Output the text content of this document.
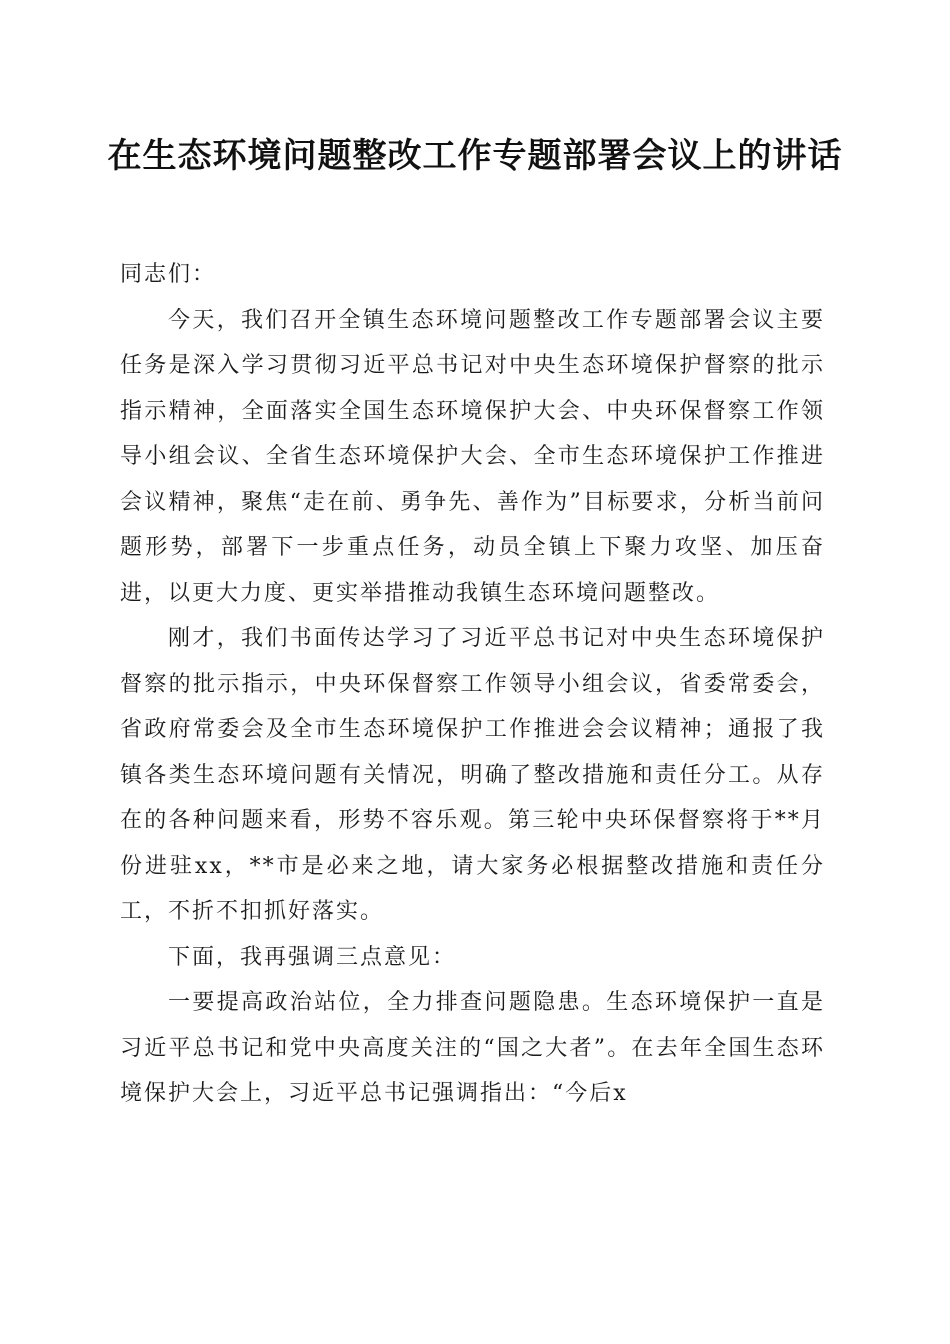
在生态环境问题整改工作专题部署会议上的讲话

同志们：

今天，我们召开全镇生态环境问题整改工作专题部署会议主要任务是深入学习贯彻习近平总书记对中央生态环境保护督察的批示指示精神，全面落实全国生态环境保护大会、中央环保督察工作领导小组会议、全省生态环境保护大会、全市生态环境保护工作推进会议精神，聚焦“走在前、勇争先、善作为”目标要求，分析当前问题形势，部署下一步重点任务，动员全镇上下聚力攻坚、加压奋进，以更大力度、更实举措推动我镇生态环境问题整改。

刚才，我们书面传达学习了习近平总书记对中央生态环境保护督察的批示指示，中央环保督察工作领导小组会议，省委常委会，省政府常委会及全市生态环境保护工作推进会会议精神；通报了我镇各类生态环境问题有关情况，明确了整改措施和责任分工。从存在的各种问题来看，形势不容乐观。第三轮中央环保督察将于**月份进驻xx，**市是必来之地，请大家务必根据整改措施和责任分工，不折不扣抓好落实。

下面，我再强调三点意见：

一要提高政治站位，全力排查问题隐患。生态环境保护一直是习近平总书记和党中央高度关注的“国之大者”。在去年全国生态环境保护大会上，习近平总书记强调指出：“今后x
